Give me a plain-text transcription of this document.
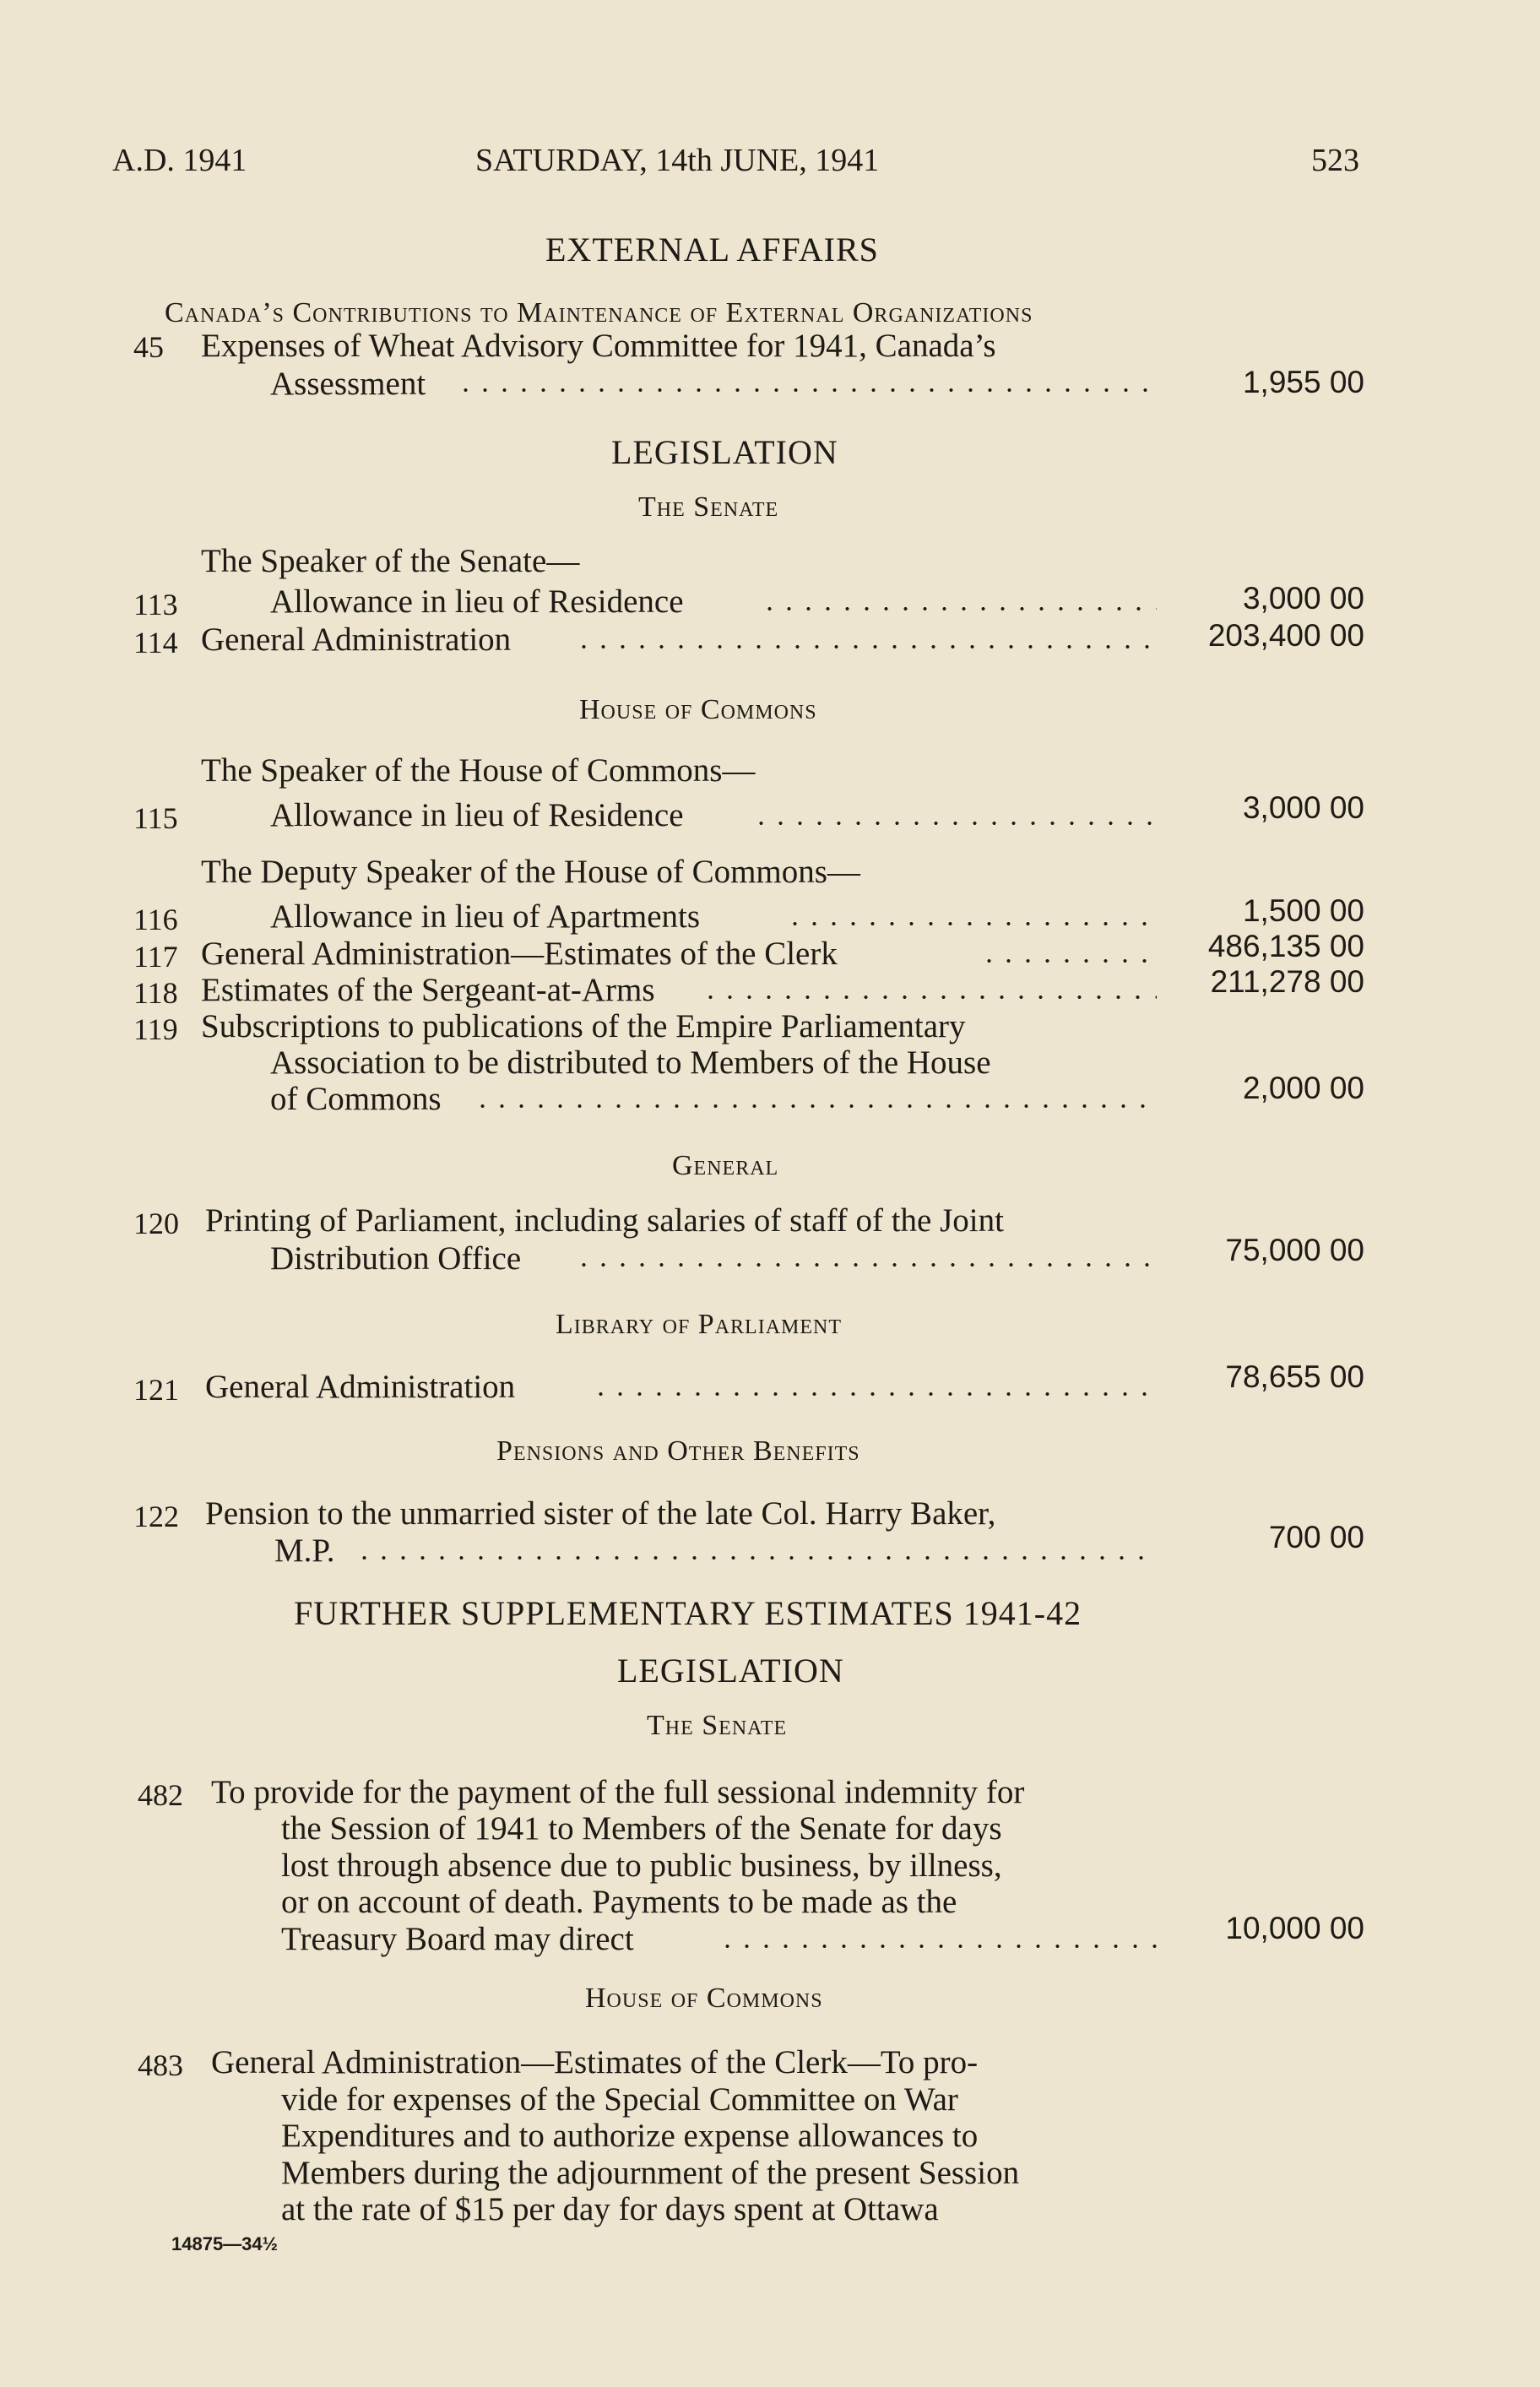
A.D. 1941	SATURDAY, 14th JUNE, 1941	523
EXTERNAL AFFAIRS
Canada’s Contributions to Maintenance of External Organizations
45 Expenses of Wheat Advisory Committee for 1941, Canada’s
Assessment	1,955 00
LEGISLATION
The Senate
The Speaker of the Senate—
113	Allowance in lieu of Residence	3,000 00
114 General Administration	203,400 00
House of Commons
The Speaker of the House of Commons—
115	Allowance in lieu of Residence	3,000 00
The Deputy Speaker of the House of Commons—
116	Allowance in lieu of Apartments	1,500 00
117 General Administration—Estimates of the Clerk	486,135 00
118 Estimates of the Sergeant-at-Arms	211,278 00
119 Subscriptions to publications of the Empire Parliamentary
Association to be distributed to Members of the House
of Commons	2,000 00
General
120 Printing of Parliament, including salaries of staff of the Joint
Distribution Office	75,000 00
Library of Parliament
121 General Administration	78,655 00
Pensions and Other Benefits
122 Pension to the unmarried sister of the late Col. Harry Baker,
M.P.	700 00
FURTHER SUPPLEMENTARY ESTIMATES 1941-42
LEGISLATION
The Senate
482 To provide for the payment of the full sessional indemnity for
the Session of 1941 to Members of the Senate for days
lost through absence due to public business, by illness,
or on account of death. Payments to be made as the
Treasury Board may direct	10,000 00
House of Commons
483 General Administration—Estimates of the Clerk—To pro-
vide for expenses of the Special Committee on War
Expenditures and to authorize expense allowances to
Members during the adjournment of the present Session
at the rate of $15 per day for days spent at Ottawa
14875—34½
